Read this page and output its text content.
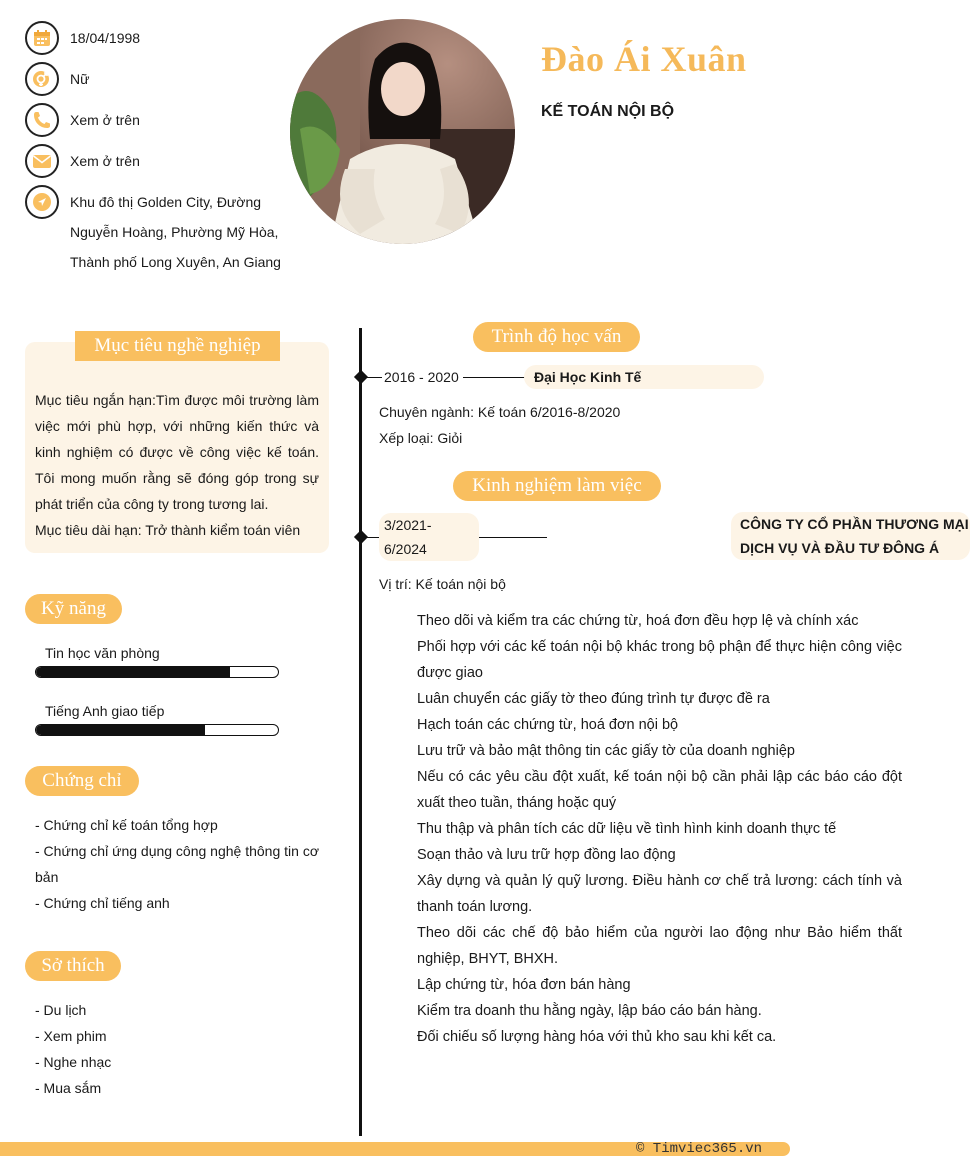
18/04/1998
Nữ
Xem ở trên
Xem ở trên
Khu đô thị Golden City, Đường Nguyễn Hoàng, Phường Mỹ Hòa, Thành phố Long Xuyên, An Giang
Đào Ái Xuân
KẾ TOÁN NỘI BỘ
Mục tiêu nghề nghiệp
Mục tiêu ngắn hạn:Tìm được môi trường làm việc mới phù hợp, với những kiến thức và kinh nghiệm có được về công việc kế toán. Tôi mong muốn rằng sẽ đóng góp trong sự phát triển của công ty trong tương lai.
Mục tiêu dài hạn: Trở thành kiểm toán viên
Kỹ năng
Tin học văn phòng
Tiếng Anh giao tiếp
Chứng chỉ
- Chứng chỉ kế toán tổng hợp
- Chứng chỉ ứng dụng công nghệ thông tin cơ bản
- Chứng chỉ tiếng anh
Sở thích
- Du lịch
- Xem phim
- Nghe nhạc
- Mua sắm
Trình độ học vấn
2016 - 2020	Đại Học Kinh Tế
Chuyên ngành: Kế toán 6/2016-8/2020
Xếp loại: Giỏi
Kinh nghiệm làm việc
3/2021-
6/2024
CÔNG TY CỔ PHẦN THƯƠNG MẠI DỊCH VỤ VÀ ĐẦU TƯ ĐÔNG Á
Vị trí: Kế toán nội bộ
Theo dõi và kiểm tra các chứng từ, hoá đơn đều hợp lệ và chính xác
Phối hợp với các kế toán nội bộ khác trong bộ phận để thực hiện công việc được giao
Luân chuyển các giấy tờ theo đúng trình tự được đề ra
Hạch toán các chứng từ, hoá đơn nội bộ
Lưu trữ và bảo mật thông tin các giấy tờ của doanh nghiệp
Nếu có các yêu cầu đột xuất, kế toán nội bộ cần phải lập các báo cáo đột xuất theo tuần, tháng hoặc quý
Thu thập và phân tích các dữ liệu về tình hình kinh doanh thực tế
Soạn thảo và lưu trữ hợp đồng lao động
Xây dựng và quản lý quỹ lương. Điều hành cơ chế trả lương: cách tính và thanh toán lương.
Theo dõi các chế độ bảo hiểm của người lao động như Bảo hiểm thất nghiệp, BHYT, BHXH.
Lập chứng từ, hóa đơn bán hàng
Kiểm tra doanh thu hằng ngày, lập báo cáo bán hàng.
Đối chiếu số lượng hàng hóa với thủ kho sau khi kết ca.
© Timviec365.vn
